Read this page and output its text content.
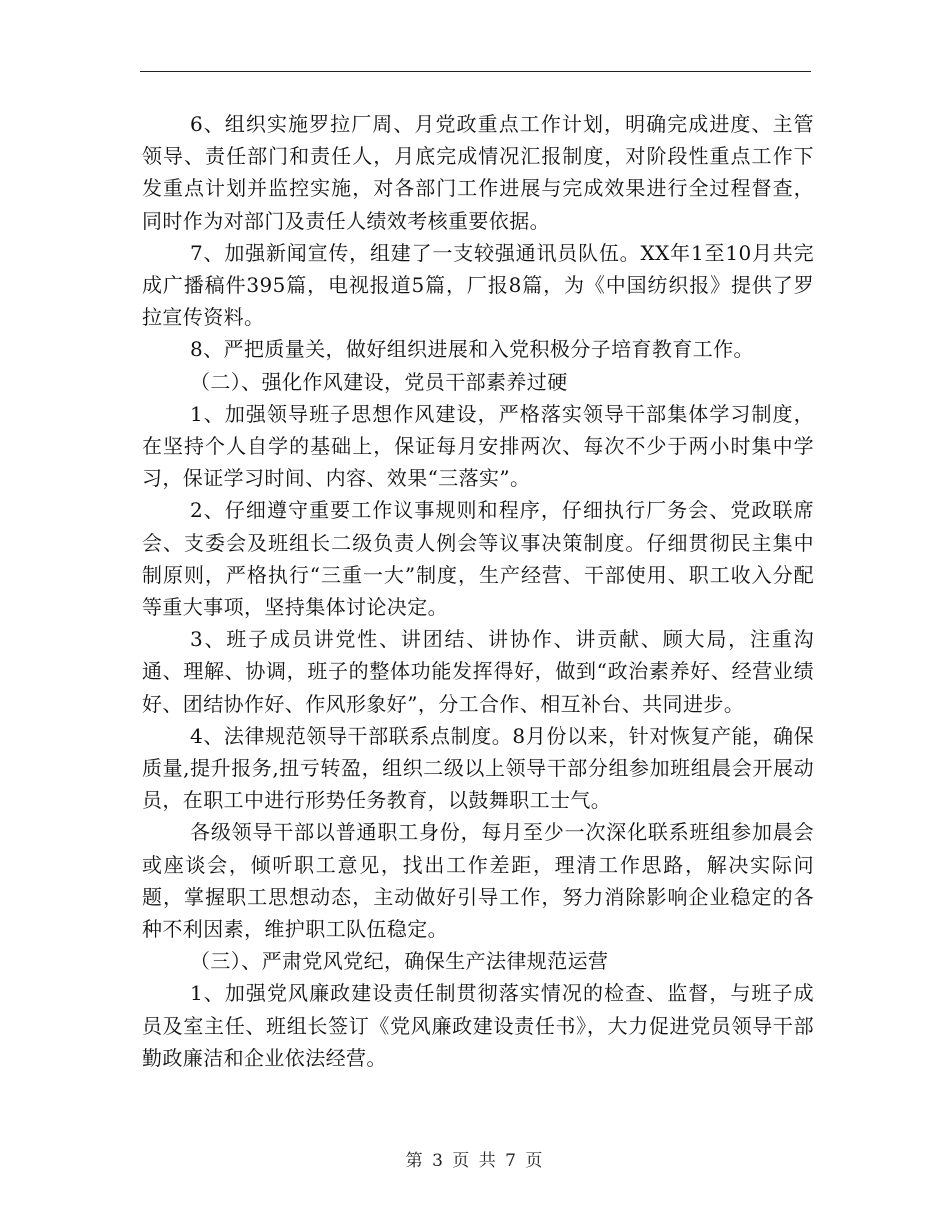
6、组织实施罗拉厂周、月党政重点工作计划，明确完成进度、主管领导、责任部门和责任人，月底完成情况汇报制度，对阶段性重点工作下发重点计划并监控实施，对各部门工作进展与完成效果进行全过程督查，同时作为对部门及责任人绩效考核重要依据。

7、加强新闻宣传，组建了一支较强通讯员队伍。XX年1至10月共完成广播稿件395篇，电视报道5篇，厂报8篇，为《中国纺织报》提供了罗拉宣传资料。

8、严把质量关，做好组织进展和入党积极分子培育教育工作。

（二）、强化作风建设，党员干部素养过硬

1、加强领导班子思想作风建设，严格落实领导干部集体学习制度，在坚持个人自学的基础上，保证每月安排两次、每次不少于两小时集中学习，保证学习时间、内容、效果“三落实”。

2、仔细遵守重要工作议事规则和程序，仔细执行厂务会、党政联席会、支委会及班组长二级负责人例会等议事决策制度。仔细贯彻民主集中制原则，严格执行“三重一大”制度，生产经营、干部使用、职工收入分配等重大事项，坚持集体讨论决定。

3、班子成员讲党性、讲团结、讲协作、讲贡献、顾大局，注重沟通、理解、协调，班子的整体功能发挥得好，做到“政治素养好、经营业绩好、团结协作好、作风形象好”，分工合作、相互补台、共同进步。

4、法律规范领导干部联系点制度。8月份以来，针对恢复产能，确保质量,提升报务,扭亏转盈，组织二级以上领导干部分组参加班组晨会开展动员，在职工中进行形势任务教育，以鼓舞职工士气。

各级领导干部以普通职工身份，每月至少一次深化联系班组参加晨会或座谈会，倾听职工意见，找出工作差距，理清工作思路，解决实际问题，掌握职工思想动态，主动做好引导工作，努力消除影响企业稳定的各种不利因素，维护职工队伍稳定。

（三）、严肃党风党纪，确保生产法律规范运营

1、加强党风廉政建设责任制贯彻落实情况的检查、监督，与班子成员及室主任、班组长签订《党风廉政建设责任书》，大力促进党员领导干部勤政廉洁和企业依法经营。

第 3 页 共 7 页
